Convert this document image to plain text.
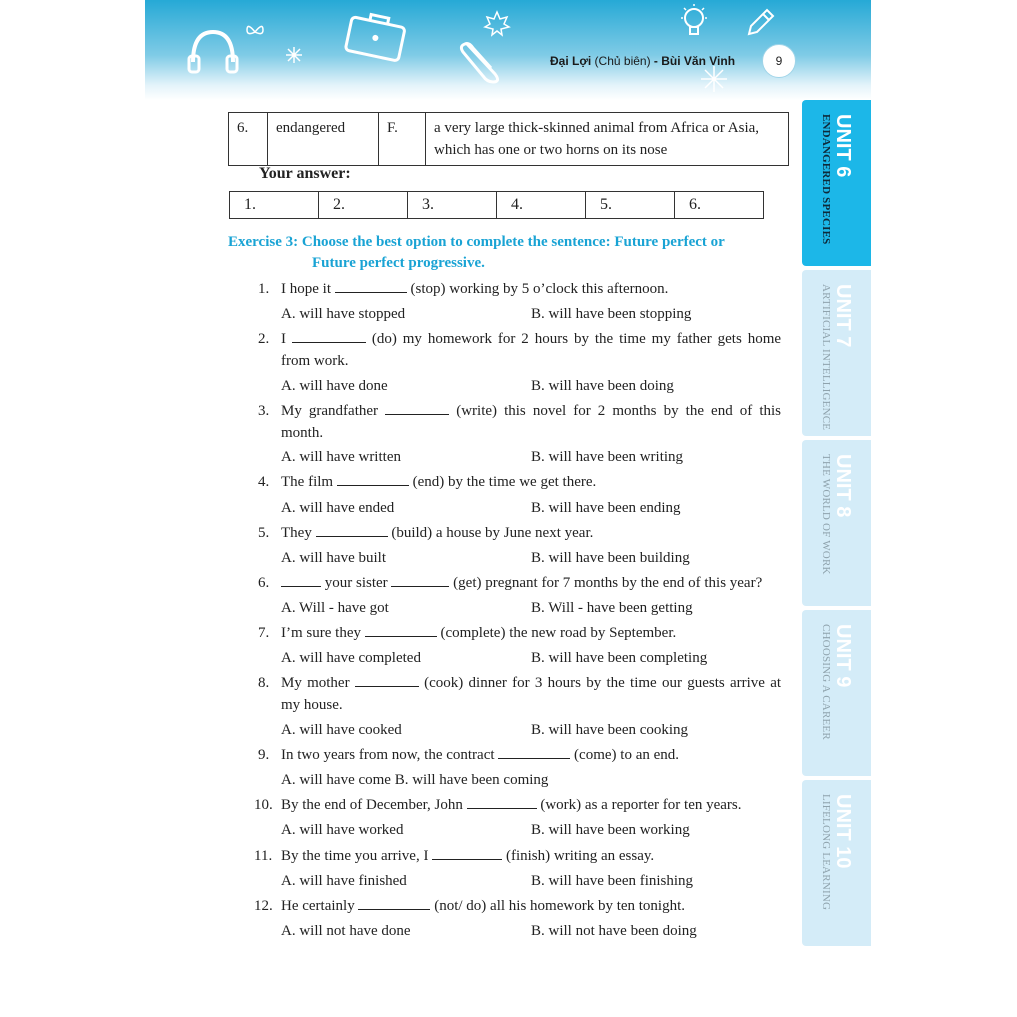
Đại Lợi (Chủ biên) - Bùi Văn Vinh	9
UNIT 6
ENDANGERED SPECIES
UNIT 7
ARTIFICIAL INTELLIGENCE
UNIT 8
THE WORLD OF WORK
UNIT 9
CHOOSING A CAREER
UNIT 10
LIFELONG LEARNING
6.	endangered	F.	a very large thick-skinned animal from Africa or Asia, which has one or two horns on its nose
Your answer:
1.	2.	3.	4.	5.	6.
Exercise 3: Choose the best option to complete the sentence: Future perfect or
Future perfect progressive.
1. I hope it	(stop) working by 5 o’clock this afternoon.
A. will have stopped	B. will have been stopping
2. I	(do) my homework for 2 hours by the time my father gets home from work.
A. will have done	B. will have been doing
3. My grandfather	(write) this novel for 2 months by the end of this month.
A. will have written	B. will have been writing
4. The film	(end) by the time we get there.
A. will have ended	B. will have been ending
5. They	(build) a house by June next year.
A. will have built	B. will have been building
6.	your sister	(get) pregnant for 7 months by the end of this year?
A. Will - have got	B. Will - have been getting
7. I’m sure they	(complete) the new road by September.
A. will have completed	B. will have been completing
8. My mother	(cook) dinner for 3 hours by the time our guests arrive at my house.
A. will have cooked	B. will have been cooking
9. In two years from now, the contract	(come) to an end.
A. will have come B. will have been coming
10. By the end of December, John	(work) as a reporter for ten years.
A. will have worked	B. will have been working
11. By the time you arrive, I	(finish) writing an essay.
A. will have finished	B. will have been finishing
12. He certainly	(not/ do) all his homework by ten tonight.
A. will not have done	B. will not have been doing
